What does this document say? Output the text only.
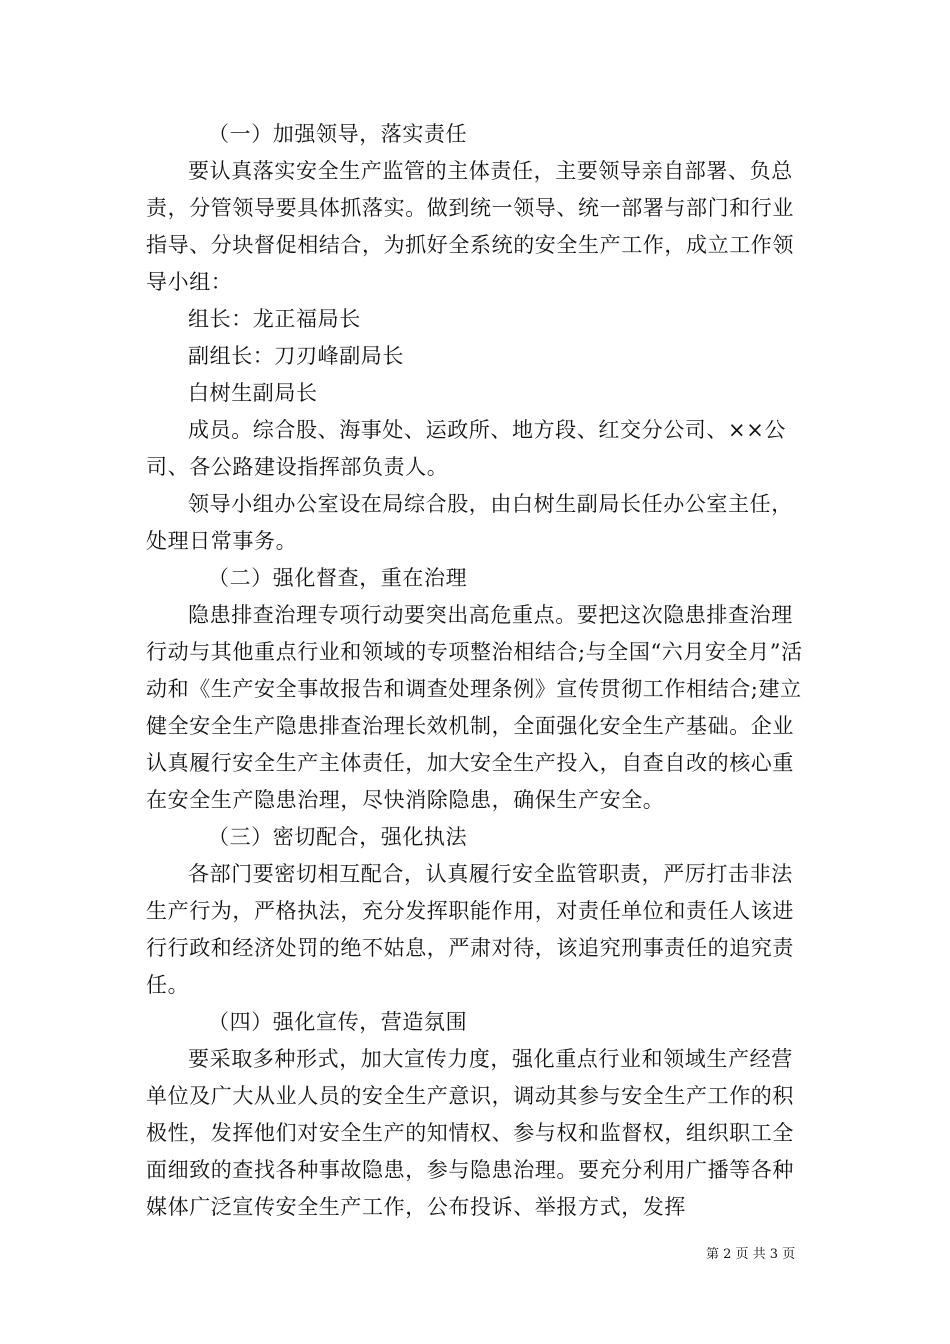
（一）加强领导，落实责任

要认真落实安全生产监管的主体责任，主要领导亲自部署、负总责，分管领导要具体抓落实。做到统一领导、统一部署与部门和行业指导、分块督促相结合，为抓好全系统的安全生产工作，成立工作领导小组：

组长：龙正福局长

副组长：刀刃峰副局长

白树生副局长

成员。综合股、海事处、运政所、地方段、红交分公司、××公司、各公路建设指挥部负责人。

领导小组办公室设在局综合股，由白树生副局长任办公室主任，处理日常事务。

（二）强化督查，重在治理

隐患排查治理专项行动要突出高危重点。要把这次隐患排查治理行动与其他重点行业和领域的专项整治相结合;与全国“六月安全月”活动和《生产安全事故报告和调查处理条例》宣传贯彻工作相结合;建立健全安全生产隐患排查治理长效机制，全面强化安全生产基础。企业认真履行安全生产主体责任，加大安全生产投入，自查自改的核心重在安全生产隐患治理，尽快消除隐患，确保生产安全。

（三）密切配合，强化执法

各部门要密切相互配合，认真履行安全监管职责，严厉打击非法生产行为，严格执法，充分发挥职能作用，对责任单位和责任人该进行行政和经济处罚的绝不姑息，严肃对待，该追究刑事责任的追究责任。

（四）强化宣传，营造氛围

要采取多种形式，加大宣传力度，强化重点行业和领域生产经营单位及广大从业人员的安全生产意识，调动其参与安全生产工作的积极性，发挥他们对安全生产的知情权、参与权和监督权，组织职工全面细致的查找各种事故隐患，参与隐患治理。要充分利用广播等各种媒体广泛宣传安全生产工作，公布投诉、举报方式，发挥

第 2 页 共 3 页
